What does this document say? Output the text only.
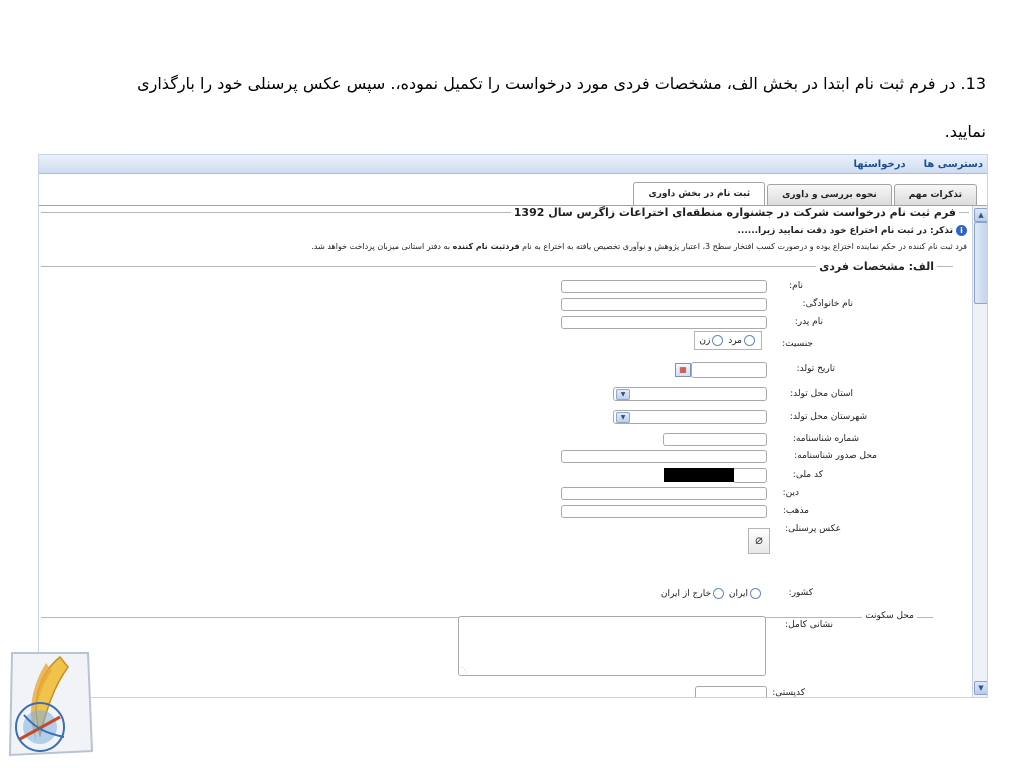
13. در فرم ثبت نام ابتدا در بخش الف، مشخصات فردی مورد درخواست را تکمیل نموده،. سپس عکس پرسنلی خود را بارگذاری
نمایید.
دسترسی ها
درخواستها
تذکرات مهم
نحوه بررسی و داوری
ثبت نام در بخش داوری
فرم ثبت نام درخواست شرکت در جشنواره منطقه‌ای اختراعات زاگرس سال 1392
iتذکر: در ثبت نام اختراع خود دقت نمایید زیرا......
فرد ثبت نام کننده در حکم نماینده اختراع بوده و درصورت کسب افتخار سطح 3، اعتبار پژوهش و نوآوری تخصیص یافته به اختراع به نام فردثبت نام کننده به دفتر استانی میزبان پرداخت خواهد شد.
الف: مشخصات فردی
نام:
نام خانوادگی:
نام پدر:
جنسیت:
مرد زن
تاریخ تولد:
▦
استان محل تولد:
▼
شهرستان محل تولد:
▼
شماره شناسنامه:
محل صدور شناسنامه:
کد ملی:
دین:
مذهب:
عکس پرسنلی:
⌀
محل سکونت
کشور:
ایران خارج از ایران
نشانی کامل:
⋰
کدپستی:
▲
▼
